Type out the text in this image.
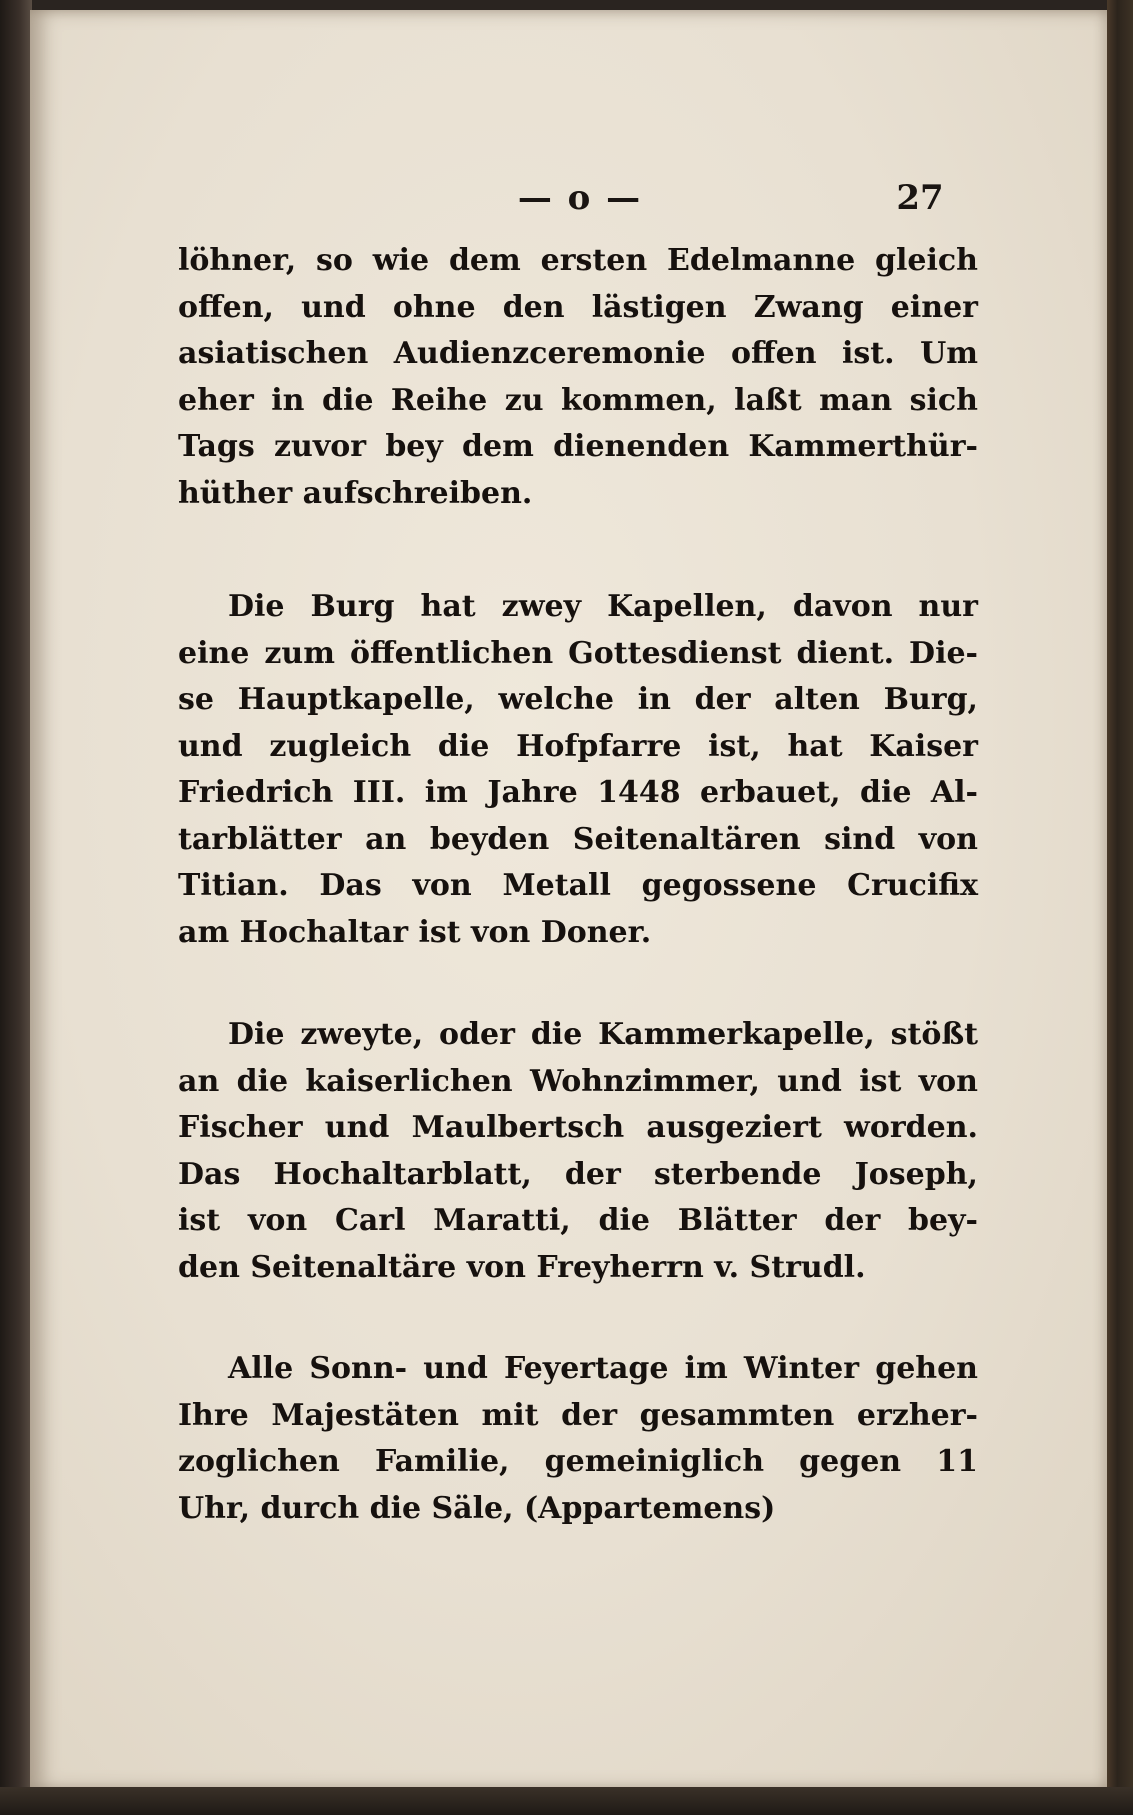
— o —	27
löhner, so wie dem ersten Edelmanne gleich
offen, und ohne den lästigen Zwang einer
asiatischen Audienzceremonie offen ist. Um
eher in die Reihe zu kommen, laßt man sich
Tags zuvor bey dem dienenden Kammerthür-
hüther aufschreiben.
Die Burg hat zwey Kapellen, davon nur
eine zum öffentlichen Gottesdienst dient. Die-
se Hauptkapelle, welche in der alten Burg,
und zugleich die Hofpfarre ist, hat Kaiser
Friedrich III. im Jahre 1448 erbauet, die Al-
tarblätter an beyden Seitenaltären sind von
Titian. Das von Metall gegossene Crucifix
am Hochaltar ist von Doner.
Die zweyte, oder die Kammerkapelle, stößt
an die kaiserlichen Wohnzimmer, und ist von
Fischer und Maulbertsch ausgeziert worden.
Das Hochaltarblatt, der sterbende Joseph,
ist von Carl Maratti, die Blätter der bey-
den Seitenaltäre von Freyherrn v. Strudl.
Alle Sonn- und Feyertage im Winter gehen
Ihre Majestäten mit der gesammten erzher-
zoglichen Familie, gemeiniglich gegen 11
Uhr, durch die Säle, (Appartemens)
